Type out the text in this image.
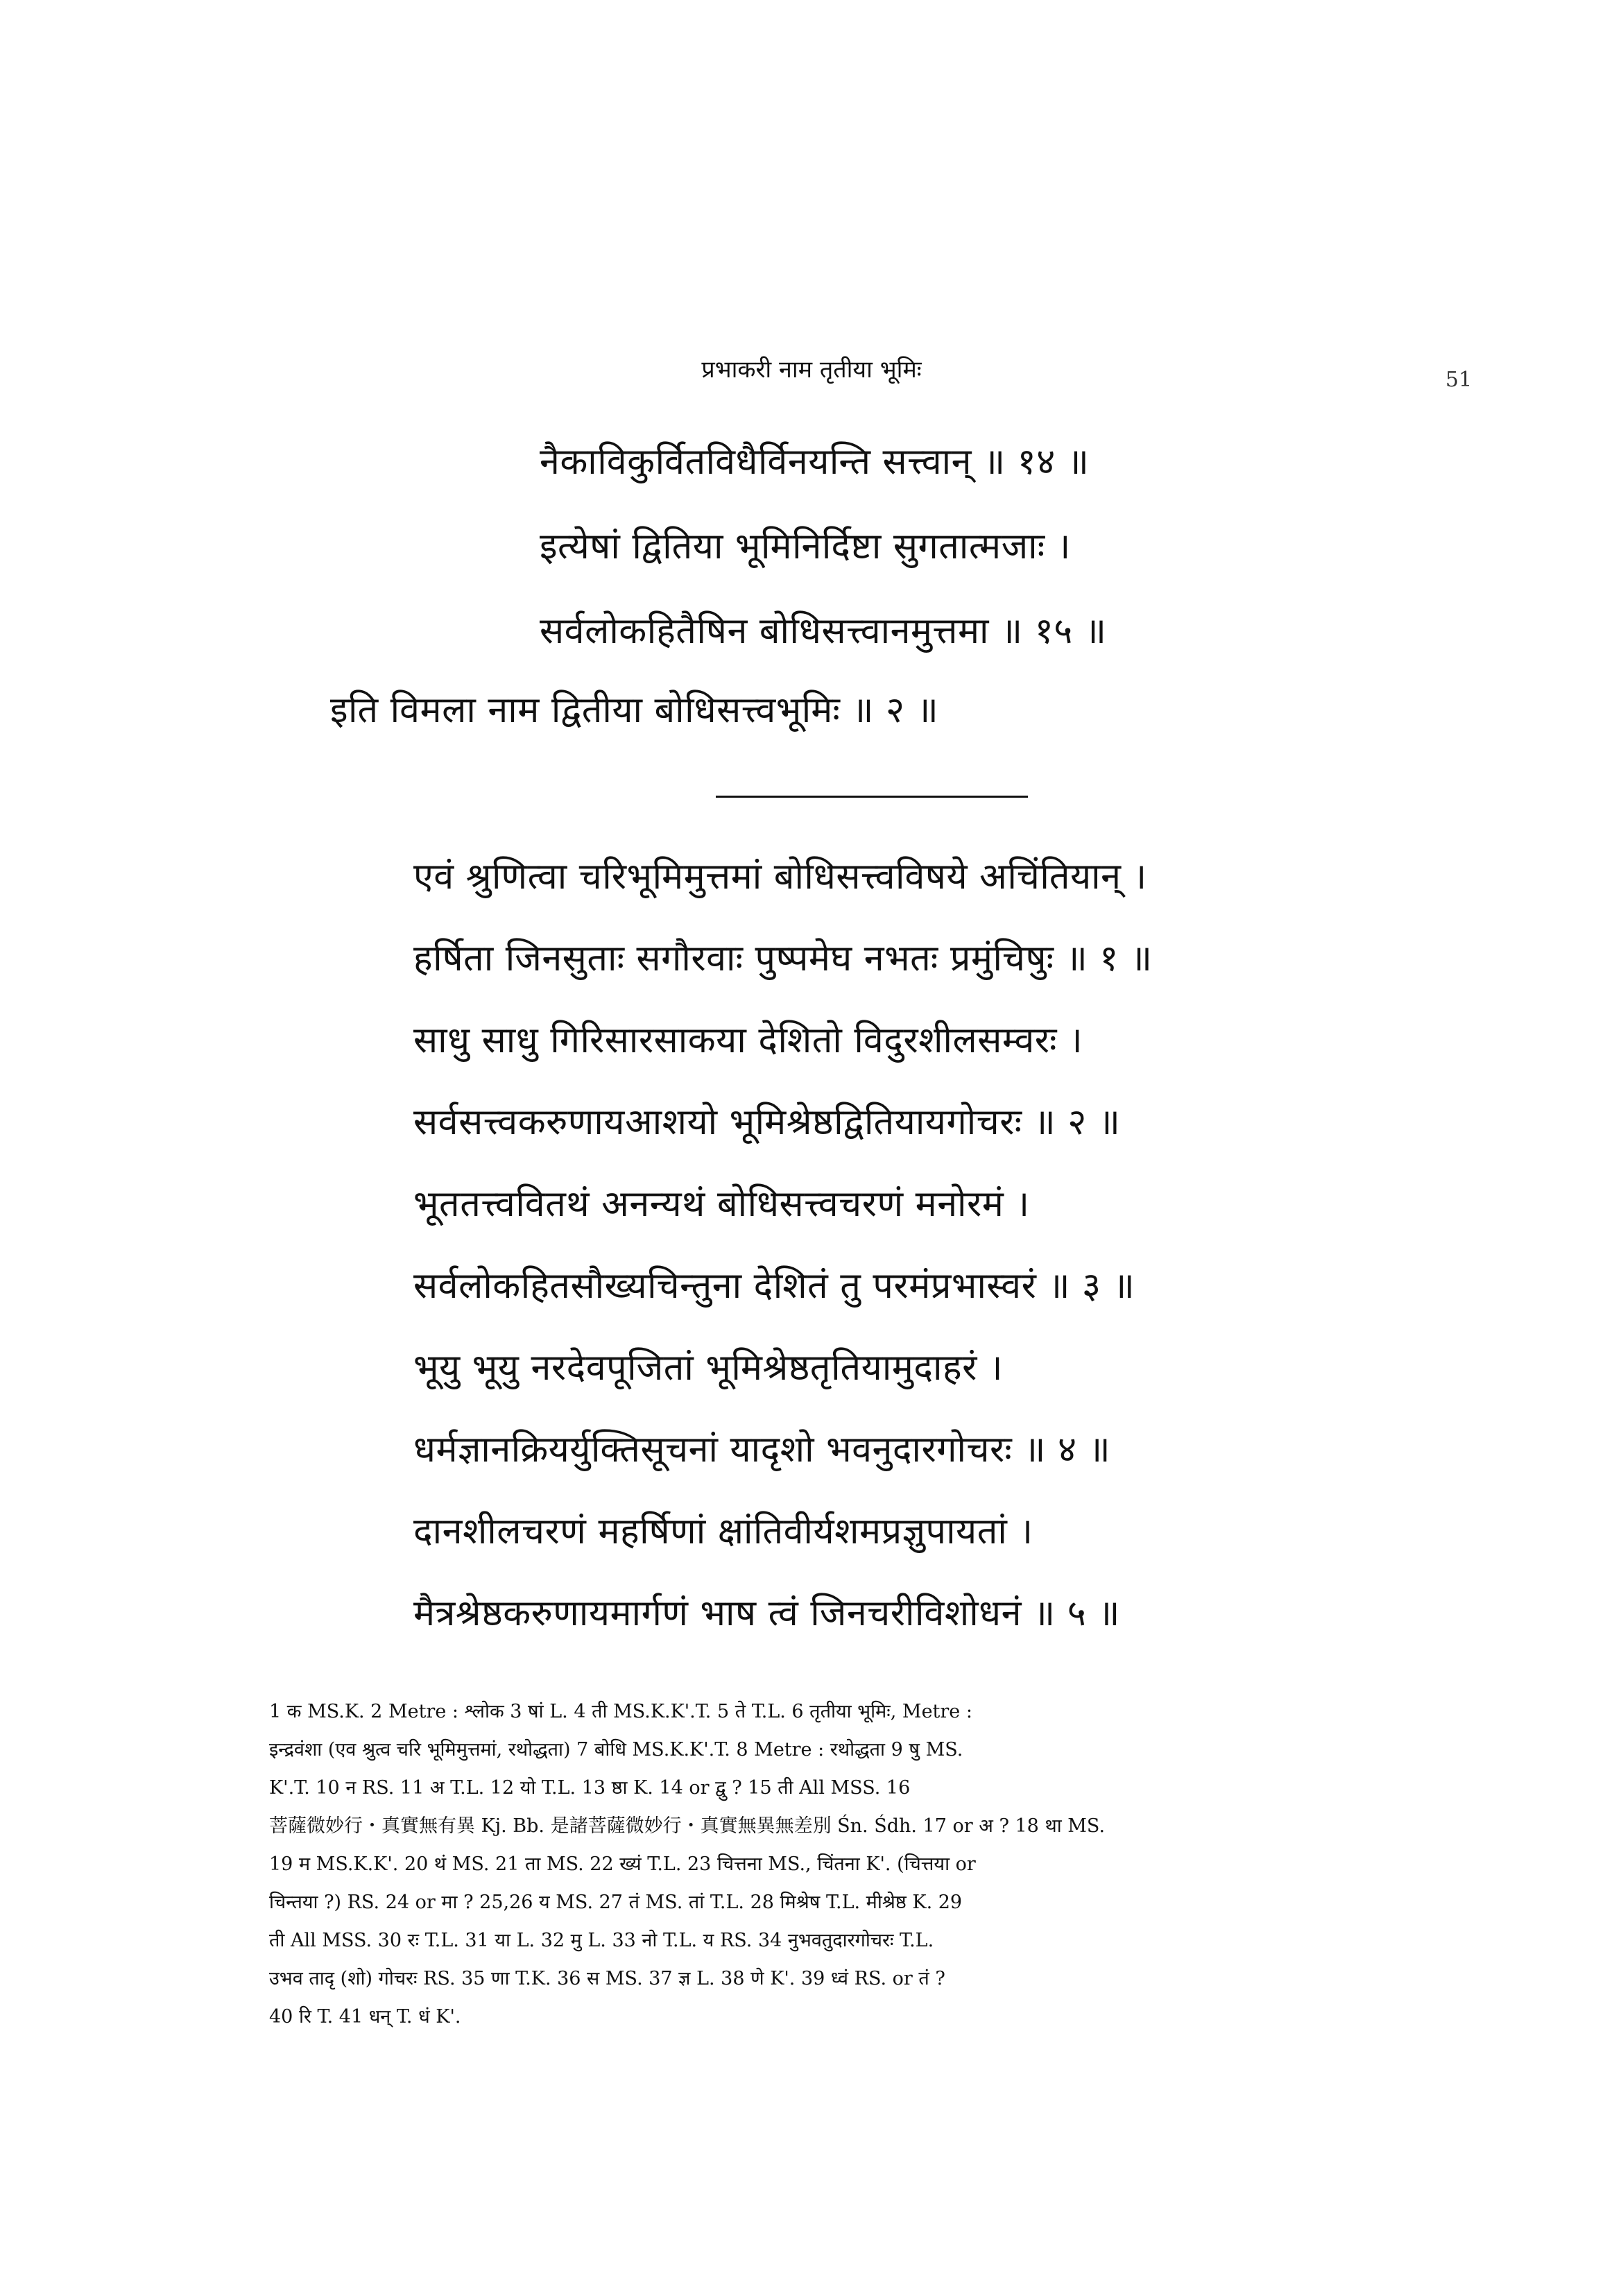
प्रभाकरी नाम तृतीया भूमिः	51
नैकाविकुर्वितविधैर्विनयन्ति सत्त्वान् ॥ १४ ॥
इत्येषां द्वितिया भूमिनिर्दिष्टा सुगतात्मजाः ।
सर्वलोकहितैषिन बोधिसत्त्वानमुत्तमा ॥ १५ ॥
इति विमला नाम द्वितीया बोधिसत्त्वभूमिः ॥ २ ॥
एवं श्रुणित्वा चरिभूमिमुत्तमां बोधिसत्त्वविषये अचिंतियान् ।
हर्षिता जिनसुताः सगौरवाः पुष्पमेघ नभतः प्रमुंचिषुः ॥ १ ॥
साधु साधु गिरिसारसाकया देशितो विदुरशीलसम्वरः ।
सर्वसत्त्वकरुणायआशयो भूमिश्रेष्ठद्वितियायगोचरः ॥ २ ॥
भूततत्त्ववितथं अनन्यथं बोधिसत्त्वचरणं मनोरमं ।
सर्वलोकहितसौख्यचिन्तुना देशितं तु परमंप्रभास्वरं ॥ ३ ॥
भूयु भूयु नरदेवपूजितां भूमिश्रेष्ठतृतियामुदाहरं ।
धर्मज्ञानक्रियर्युक्तिसूचनां यादृशो भवनुदारगोचरः ॥ ४ ॥
दानशीलचरणं महर्षिणां क्षांतिवीर्यशमप्रज्ञुपायतां ।
मैत्रश्रेष्ठकरुणायमार्गणं भाष त्वं जिनचरीविशोधनं ॥ ५ ॥
1 क MS.K. 2 Metre : श्लोक 3 षां L. 4 ती MS.K.K'.T. 5 ते T.L. 6 तृतीया भूमिः, Metre :
इन्द्रवंशा (एव श्रुत्व चरि भूमिमुत्तमां, रथोद्धता) 7 बोधि MS.K.K'.T. 8 Metre : रथोद्धता 9 षु MS.
K'.T. 10 न RS. 11 अ T.L. 12 यो T.L. 13 ष्ठा K. 14 or द्वु ? 15 ती All MSS. 16
菩薩微妙行・真實無有異 Kj. Bb. 是諸菩薩微妙行・真實無異無差別 Śn. Śdh. 17 or अ ? 18 था MS.
19 म MS.K.K'. 20 थं MS. 21 ता MS. 22 ख्यं T.L. 23 चित्तना MS., चिंतना K'. (चित्तया or
चिन्तया ?) RS. 24 or मा ? 25,26 य MS. 27 तं MS. तां T.L. 28 मिश्रेष T.L. मीश्रेष्ठ K. 29
ती All MSS. 30 रः T.L. 31 या L. 32 मु L. 33 नो T.L. य RS. 34 नुभवतुदारगोचरः T.L.
उभव तादृ (शो) गोचरः RS. 35 णा T.K. 36 स MS. 37 ज्ञ L. 38 णे K'. 39 ध्वं RS. or तं ?
40 रि T. 41 धन् T. धं K'.
